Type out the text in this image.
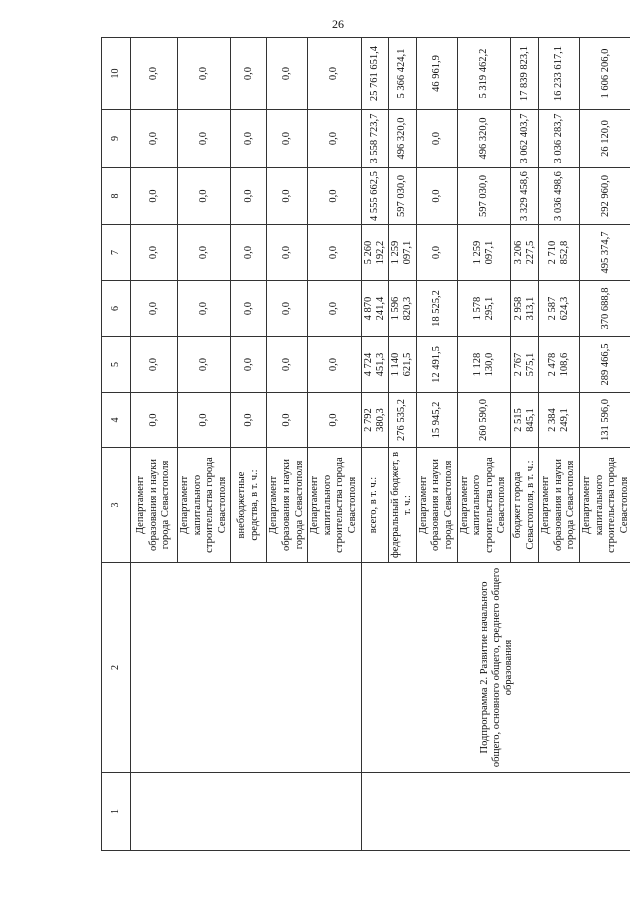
26
1	2	3	4	5	6	7	8	9	10
		Департамент образования и науки города Севастополя	0,0	0,0	0,0	0,0	0,0	0,0	0,0
		Департамент капитального строительства города Севастополя	0,0	0,0	0,0	0,0	0,0	0,0	0,0
		внебюджетные средства, в т. ч.:	0,0	0,0	0,0	0,0	0,0	0,0	0,0
		Департамент образования и науки города Севастополя	0,0	0,0	0,0	0,0	0,0	0,0	0,0
		Департамент капитального строительства города Севастополя	0,0	0,0	0,0	0,0	0,0	0,0	0,0
	Подпрограмма 2. Развитие начального общего, основного общего, среднего общего образования	всего, в т. ч.:	2 792 380,3	4 724 451,3	4 870 241,4	5 260 192,2	4 555 662,5	3 558 723,7	25 761 651,4
		федеральный бюджет, в т. ч.:	276 535,2	1 140 621,5	1 596 820,3	1 259 097,1	597 030,0	496 320,0	5 366 424,1
		Департамент образования и науки города Севастополя	15 945,2	12 491,5	18 525,2	0,0	0,0	0,0	46 961,9
		Департамент капитального строительства города Севастополя	260 590,0	1 128 130,0	1 578 295,1	1 259 097,1	597 030,0	496 320,0	5 319 462,2
		бюджет города Севастополя, в т. ч.:	2 515 845,1	2 767 575,1	2 958 313,1	3 206 227,5	3 329 458,6	3 062 403,7	17 839 823,1
		Департамент образования и науки города Севастополя	2 384 249,1	2 478 108,6	2 587 624,3	2 710 852,8	3 036 498,6	3 036 283,7	16 233 617,1
		Департамент капитального строительства города Севастополя	131 596,0	289 466,5	370 688,8	495 374,7	292 960,0	26 120,0	1 606 206,0
